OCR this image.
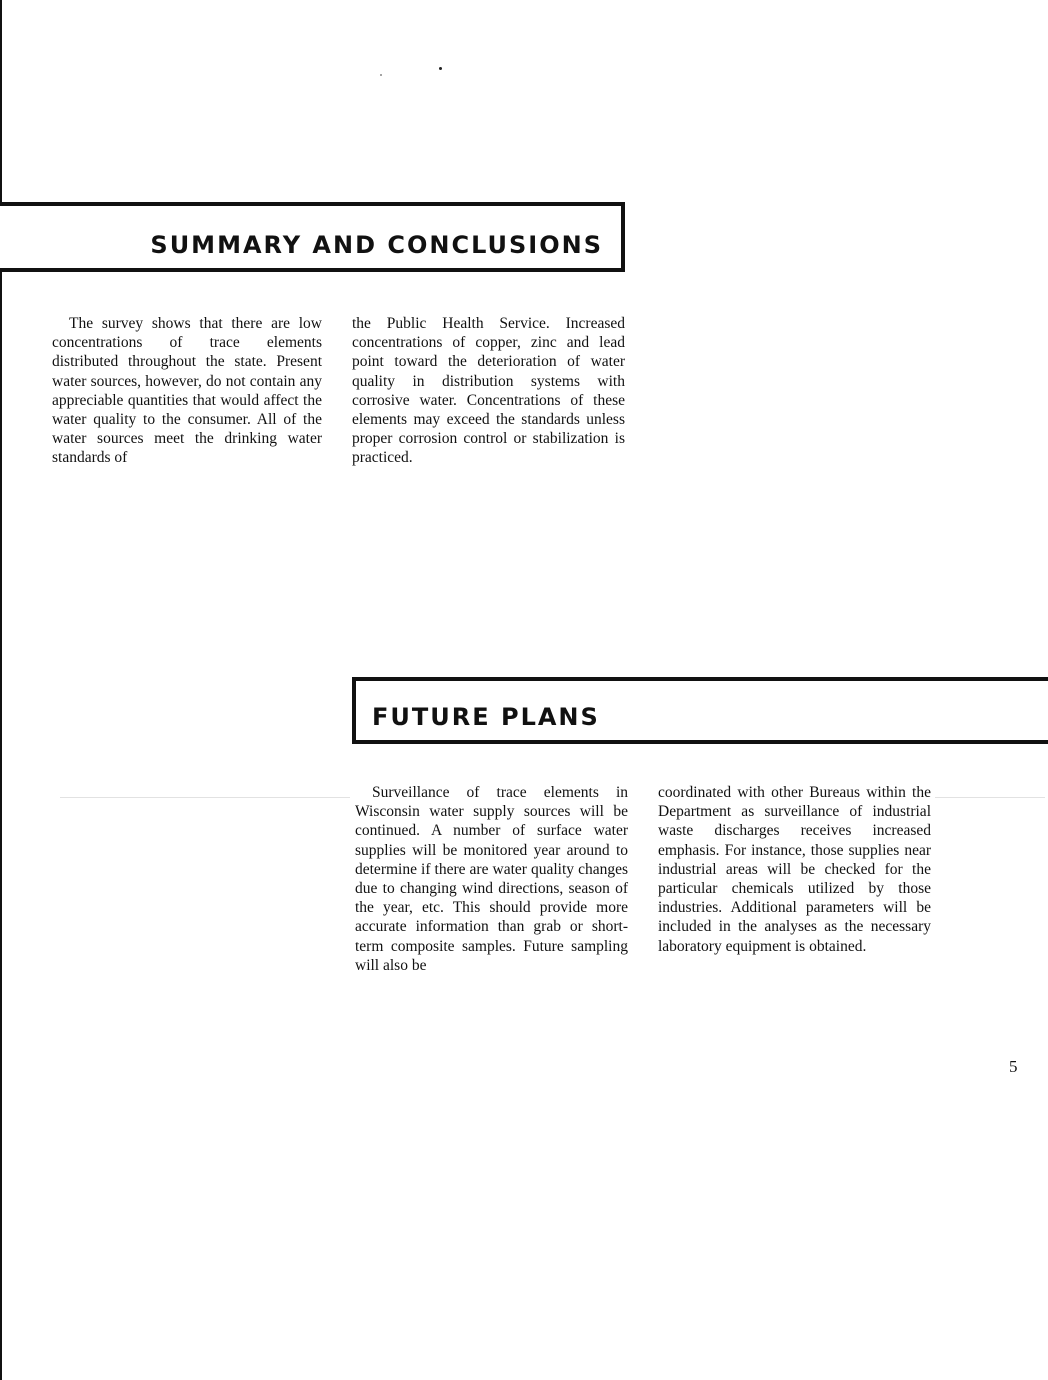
SUMMARY AND CONCLUSIONS

The survey shows that there are low concentrations of trace elements distributed throughout the state. Present water sources, however, do not contain any appreciable quantities that would affect the water quality to the consumer. All of the water sources meet the drinking water standards of

the Public Health Service. Increased concentrations of copper, zinc and lead point toward the deterioration of water quality in distribution systems with corrosive water. Concentrations of these elements may exceed the standards unless proper corrosion control or stabilization is practiced.

FUTURE PLANS

Surveillance of trace elements in Wisconsin water supply sources will be continued. A number of surface water supplies will be monitored year around to determine if there are water quality changes due to changing wind directions, season of the year, etc. This should provide more accurate information than grab or short-term composite samples. Future sampling will also be

coordinated with other Bureaus within the Department as surveillance of industrial waste discharges receives increased emphasis. For instance, those supplies near industrial areas will be checked for the particular chemicals utilized by those industries. Additional parameters will be included in the analyses as the necessary laboratory equipment is obtained.

5
